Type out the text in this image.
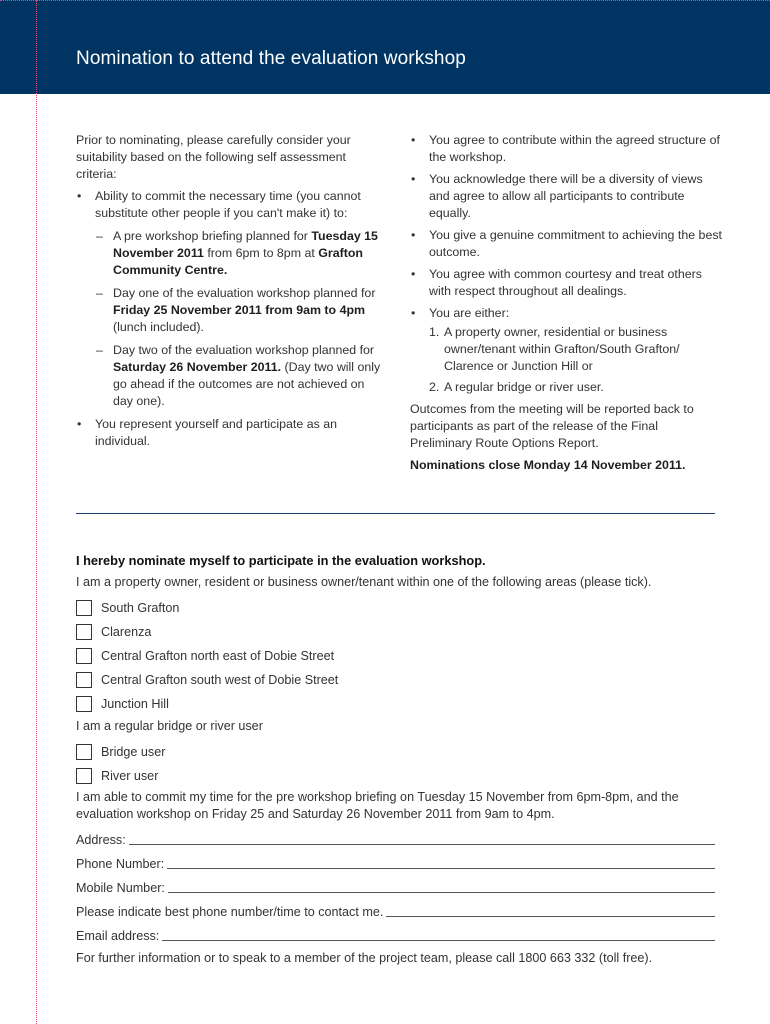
Nomination to attend the evaluation workshop

Prior to nominating, please carefully consider your suitability based on the following self assessment criteria:

• Ability to commit the necessary time (you cannot substitute other people if you can't make it) to:
– A pre workshop briefing planned for Tuesday 15 November 2011 from 6pm to 8pm at Grafton Community Centre.
– Day one of the evaluation workshop planned for Friday 25 November 2011 from 9am to 4pm (lunch included).
– Day two of the evaluation workshop planned for Saturday 26 November 2011. (Day two will only go ahead if the outcomes are not achieved on day one).
• You represent yourself and participate as an individual.
• You agree to contribute within the agreed structure of the workshop.
• You acknowledge there will be a diversity of views and agree to allow all participants to contribute equally.
• You give a genuine commitment to achieving the best outcome.
• You agree with common courtesy and treat others with respect throughout all dealings.
• You are either:
1. A property owner, residential or business owner/tenant within Grafton/South Grafton/ Clarence or Junction Hill or
2. A regular bridge or river user.

Outcomes from the meeting will be reported back to participants as part of the release of the Final Preliminary Route Options Report.

Nominations close Monday 14 November 2011.

I hereby nominate myself to participate in the evaluation workshop.
I am a property owner, resident or business owner/tenant within one of the following areas (please tick).
South Grafton
Clarenza
Central Grafton north east of Dobie Street
Central Grafton south west of Dobie Street
Junction Hill
I am a regular bridge or river user
Bridge user
River user

I am able to commit my time for the pre workshop briefing on Tuesday 15 November from 6pm-8pm, and the evaluation workshop on Friday 25 and Saturday 26 November 2011 from 9am to 4pm.

Address:
Phone Number:
Mobile Number:
Please indicate best phone number/time to contact me.
Email address:

For further information or to speak to a member of the project team, please call 1800 663 332 (toll free).
